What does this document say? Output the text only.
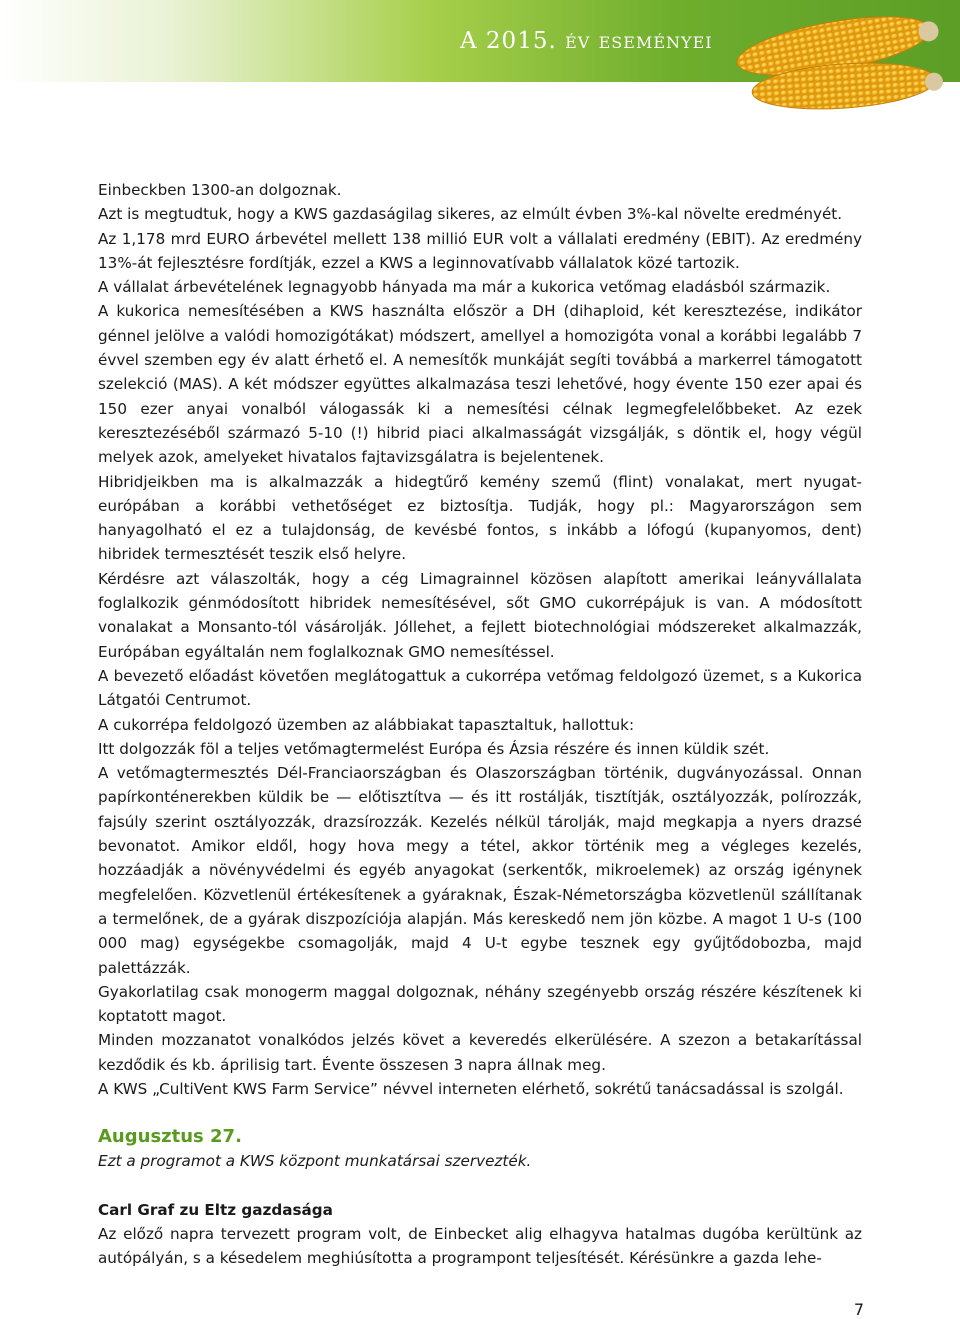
A 2015. év eseményei

Einbeckben 1300-an dolgoznak.

Azt is megtudtuk, hogy a KWS gazdaságilag sikeres, az elmúlt évben 3%-kal növelte eredményét.

Az 1,178 mrd EURO árbevétel mellett 138 millió EUR volt a vállalati eredmény (EBIT). Az eredmény 13%-át fejlesztésre fordítják, ezzel a KWS a leginnovatívabb vállalatok közé tartozik.

A vállalat árbevételének legnagyobb hányada ma már a kukorica vetőmag eladásból származik.

A kukorica nemesítésében a KWS használta először a DH (dihaploid, két keresztezése, indikátor génnel jelölve a valódi homozigótákat) módszert, amellyel a homozigóta vonal a korábbi legalább 7 évvel szemben egy év alatt érhető el. A nemesítők munkáját segíti továbbá a markerrel támogatott szelekció (MAS). A két módszer együttes alkalmazása teszi lehetővé, hogy évente 150 ezer apai és 150 ezer anyai vonalból válogassák ki a nemesítési célnak legmegfelelőbbeket. Az ezek keresztezéséből származó 5-10 (!) hibrid piaci alkalmasságát vizsgálják, s döntik el, hogy végül melyek azok, amelyeket hivatalos fajtavizsgálatra is bejelentenek.

Hibridjeikben ma is alkalmazzák a hidegtűrő kemény szemű (flint) vonalakat, mert nyugat-európában a korábbi vethetőséget ez biztosítja. Tudják, hogy pl.: Magyarországon sem hanyagolható el ez a tulajdonság, de kevésbé fontos, s inkább a lófogú (kupanyomos, dent) hibridek termesztését teszik első helyre.

Kérdésre azt válaszolták, hogy a cég Limagrainnel közösen alapított amerikai leányvállalata foglalkozik génmódosított hibridek nemesítésével, sőt GMO cukorrépájuk is van. A módosított vonalakat a Monsanto-tól vásárolják. Jóllehet, a fejlett biotechnológiai módszereket alkalmazzák, Európában egyáltalán nem foglalkoznak GMO nemesítéssel.

A bevezető előadást követően meglátogattuk a cukorrépa vetőmag feldolgozó üzemet, s a Kukorica Látgatói Centrumot.

A cukorrépa feldolgozó üzemben az alábbiakat tapasztaltuk, hallottuk:

Itt dolgozzák föl a teljes vetőmagtermelést Európa és Ázsia részére és innen küldik szét.

A vetőmagtermesztés Dél-Franciaországban és Olaszországban történik, dugványozással. Onnan papírkonténerekben küldik be — előtisztítva — és itt rostálják, tisztítják, osztályozzák, polírozzák, fajsúly szerint osztályozzák, drazsírozzák. Kezelés nélkül tárolják, majd megkapja a nyers drazsé bevonatot. Amikor eldől, hogy hova megy a tétel, akkor történik meg a végleges kezelés, hozzáadják a növényvédelmi és egyéb anyagokat (serkentők, mikroelemek) az ország igénynek megfelelően. Közvetlenül értékesítenek a gyáraknak, Észak-Németországba közvetlenül szállítanak a termelőnek, de a gyárak diszpozíciója alapján. Más kereskedő nem jön közbe. A magot 1 U-s (100 000 mag) egységekbe csomagolják, majd 4 U-t egybe tesznek egy gyűjtődobozba, majd palettázzák.

Gyakorlatilag csak monogerm maggal dolgoznak, néhány szegényebb ország részére készítenek ki koptatott magot.

Minden mozzanatot vonalkódos jelzés követ a keveredés elkerülésére. A szezon a betakarítással kezdődik és kb. áprilisig tart. Évente összesen 3 napra állnak meg.

A KWS „CultiVent KWS Farm Service” névvel interneten elérhető, sokrétű tanácsadással is szolgál.

Augusztus 27.

Ezt a programot a KWS központ munkatársai szervezték.

Carl Graf zu Eltz gazdasága

Az előző napra tervezett program volt, de Einbecket alig elhagyva hatalmas dugóba kerültünk az autópályán, s a késedelem meghiúsította a programpont teljesítését. Kérésünkre a gazda lehe-

7
